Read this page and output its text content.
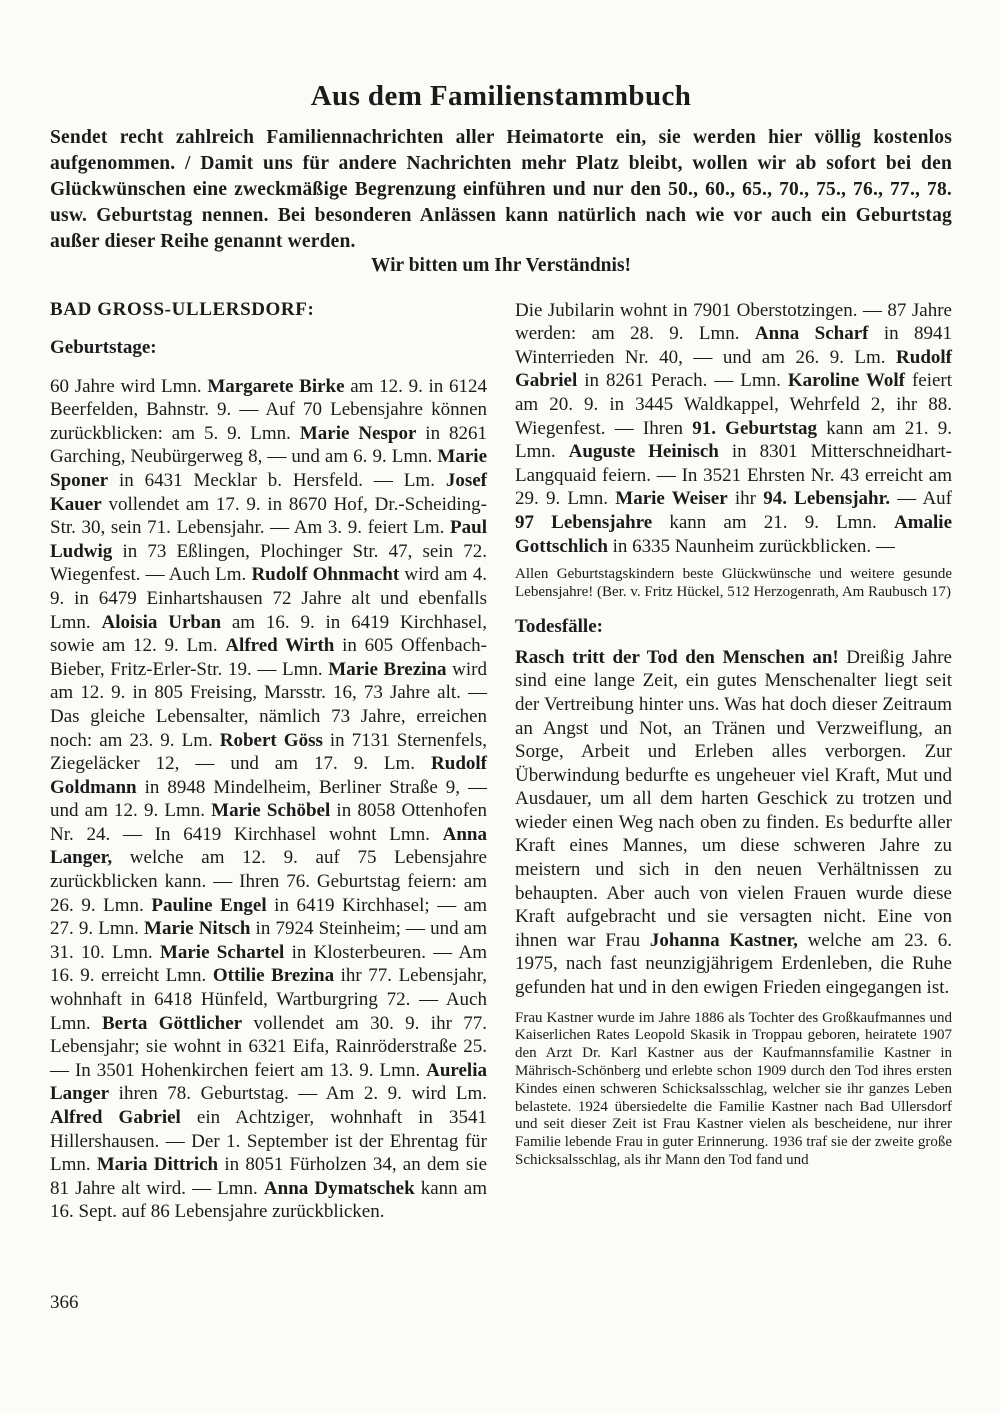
Aus dem Familienstammbuch

Sendet recht zahlreich Familiennachrichten aller Heimatorte ein, sie werden hier völlig kostenlos aufgenommen. / Damit uns für andere Nachrichten mehr Platz bleibt, wollen wir ab sofort bei den Glückwünschen eine zweckmäßige Begrenzung einführen und nur den 50., 60., 65., 70., 75., 76., 77., 78. usw. Geburtstag nennen. Bei besonderen Anlässen kann natürlich nach wie vor auch ein Geburtstag außer dieser Reihe genannt werden.

Wir bitten um Ihr Verständnis!

BAD GROSS-ULLERSDORF:
Geburtstage:

60 Jahre wird Lmn. Margarete Birke am 12. 9. in 6124 Beerfelden, Bahnstr. 9. — Auf 70 Lebensjahre können zurückblicken: am 5. 9. Lmn. Marie Nespor in 8261 Garching, Neubürgerweg 8, — und am 6. 9. Lmn. Marie Sponer in 6431 Mecklar b. Hersfeld. — Lm. Josef Kauer vollendet am 17. 9. in 8670 Hof, Dr.-Scheiding-Str. 30, sein 71. Lebensjahr. — Am 3. 9. feiert Lm. Paul Ludwig in 73 Eßlingen, Plochinger Str. 47, sein 72. Wiegenfest. — Auch Lm. Rudolf Ohnmacht wird am 4. 9. in 6479 Einhartshausen 72 Jahre alt und ebenfalls Lmn. Aloisia Urban am 16. 9. in 6419 Kirchhasel, sowie am 12. 9. Lm. Alfred Wirth in 605 Offenbach-Bieber, Fritz-Erler-Str. 19. — Lmn. Marie Brezina wird am 12. 9. in 805 Freising, Marsstr. 16, 73 Jahre alt. — Das gleiche Lebensalter, nämlich 73 Jahre, erreichen noch: am 23. 9. Lm. Robert Göss in 7131 Sternenfels, Ziegeläcker 12, — und am 17. 9. Lm. Rudolf Goldmann in 8948 Mindelheim, Berliner Straße 9, — und am 12. 9. Lmn. Marie Schöbel in 8058 Ottenhofen Nr. 24. — In 6419 Kirchhasel wohnt Lmn. Anna Langer, welche am 12. 9. auf 75 Lebensjahre zurückblicken kann. — Ihren 76. Geburtstag feiern: am 26. 9. Lmn. Pauline Engel in 6419 Kirchhasel; — am 27. 9. Lmn. Marie Nitsch in 7924 Steinheim; — und am 31. 10. Lmn. Marie Schartel in Klosterbeuren. — Am 16. 9. erreicht Lmn. Ottilie Brezina ihr 77. Lebensjahr, wohnhaft in 6418 Hünfeld, Wartburgring 72. — Auch Lmn. Berta Göttlicher vollendet am 30. 9. ihr 77. Lebensjahr; sie wohnt in 6321 Eifa, Rainröderstraße 25. — In 3501 Hohenkirchen feiert am 13. 9. Lmn. Aurelia Langer ihren 78. Geburtstag. — Am 2. 9. wird Lm. Alfred Gabriel ein Achtziger, wohnhaft in 3541 Hillershausen. — Der 1. September ist der Ehrentag für Lmn. Maria Dittrich in 8051 Fürholzen 34, an dem sie 81 Jahre alt wird. — Lmn. Anna Dymatschek kann am 16. Sept. auf 86 Lebensjahre zurückblicken.

Die Jubilarin wohnt in 7901 Oberstotzingen. — 87 Jahre werden: am 28. 9. Lmn. Anna Scharf in 8941 Winterrieden Nr. 40, — und am 26. 9. Lm. Rudolf Gabriel in 8261 Perach. — Lmn. Karoline Wolf feiert am 20. 9. in 3445 Waldkappel, Wehrfeld 2, ihr 88. Wiegenfest. — Ihren 91. Geburtstag kann am 21. 9. Lmn. Auguste Heinisch in 8301 Mitterschneidhart-Langquaid feiern. — In 3521 Ehrsten Nr. 43 erreicht am 29. 9. Lmn. Marie Weiser ihr 94. Lebensjahr. — Auf 97 Lebensjahre kann am 21. 9. Lmn. Amalie Gottschlich in 6335 Naunheim zurückblicken. —

Allen Geburtstagskindern beste Glückwünsche und weitere gesunde Lebensjahre! (Ber. v. Fritz Hückel, 512 Herzogenrath, Am Raubusch 17)

Todesfälle:

Rasch tritt der Tod den Menschen an! Dreißig Jahre sind eine lange Zeit, ein gutes Menschenalter liegt seit der Vertreibung hinter uns. Was hat doch dieser Zeitraum an Angst und Not, an Tränen und Verzweiflung, an Sorge, Arbeit und Erleben alles verborgen. Zur Überwindung bedurfte es ungeheuer viel Kraft, Mut und Ausdauer, um all dem harten Geschick zu trotzen und wieder einen Weg nach oben zu finden. Es bedurfte aller Kraft eines Mannes, um diese schweren Jahre zu meistern und sich in den neuen Verhältnissen zu behaupten. Aber auch von vielen Frauen wurde diese Kraft aufgebracht und sie versagten nicht. Eine von ihnen war Frau Johanna Kastner, welche am 23. 6. 1975, nach fast neunzigjährigem Erdenleben, die Ruhe gefunden hat und in den ewigen Frieden eingegangen ist.

Frau Kastner wurde im Jahre 1886 als Tochter des Großkaufmannes und Kaiserlichen Rates Leopold Skasik in Troppau geboren, heiratete 1907 den Arzt Dr. Karl Kastner aus der Kaufmannsfamilie Kastner in Mährisch-Schönberg und erlebte schon 1909 durch den Tod ihres ersten Kindes einen schweren Schicksalsschlag, welcher sie ihr ganzes Leben belastete. 1924 übersiedelte die Familie Kastner nach Bad Ullersdorf und seit dieser Zeit ist Frau Kastner vielen als bescheidene, nur ihrer Familie lebende Frau in guter Erinnerung. 1936 traf sie der zweite große Schicksalsschlag, als ihr Mann den Tod fand und

366
